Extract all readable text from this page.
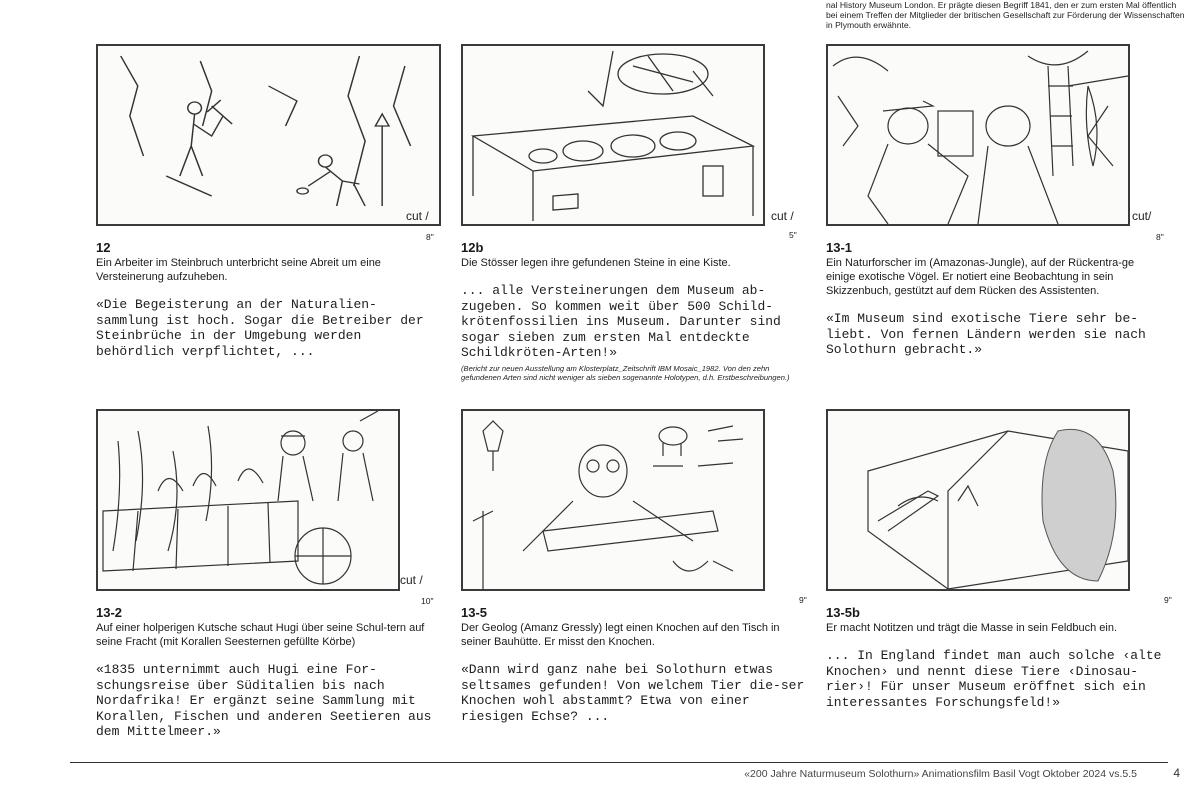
nal History Museum London. Er prägte diesen Begriff 1841, den er zum ersten Mal öffentlich bei einem Treffen der Mitglieder der britischen Gesellschaft zur Förderung der Wissenschaften in Plymouth erwähnte.
cut /
8"
12
Ein Arbeiter im Steinbruch unterbricht seine Abreit um eine Versteinerung aufzuheben.
«Die Begeisterung an der Naturalien-sammlung ist hoch. Sogar die Betreiber der Steinbrüche in der Umgebung werden behördlich verpflichtet, ...
cut /
5"
12b
Die Stösser legen ihre gefundenen Steine in eine Kiste.
... alle Versteinerungen dem Museum ab-zugeben. So kommen weit über 500 Schild-krötenfossilien ins Museum. Darunter sind sogar sieben zum ersten Mal entdeckte Schildkröten-Arten!»
(Bericht zur neuen Ausstellung am Klosterplatz_Zeitschrift IBM Mosaic_1982. Von den zehn gefundenen Arten sind nicht weniger als sieben sogenannte Holotypen, d.h. Erstbeschreibungen.)
cut/
8"
13-1
Ein Naturforscher im (Amazonas-Jungle), auf der Rückentra-ge einige exotische Vögel. Er notiert eine Beobachtung in sein Skizzenbuch, gestützt auf dem Rücken des Assistenten.
«Im Museum sind exotische Tiere sehr be-liebt. Von fernen Ländern werden sie nach Solothurn gebracht.»
cut /
10"
13-2
Auf einer holperigen Kutsche schaut Hugi über seine Schul-tern auf seine Fracht (mit Korallen Seesternen gefüllte Körbe)
«1835 unternimmt auch Hugi eine For-schungsreise über Süditalien bis nach Nordafrika! Er ergänzt seine Sammlung mit Korallen, Fischen und anderen Seetieren aus dem Mittelmeer.»
9"
13-5
Der Geolog (Amanz Gressly) legt einen Knochen auf den Tisch in seiner Bauhütte. Er misst den Knochen.
«Dann wird ganz nahe bei Solothurn etwas seltsames gefunden! Von welchem Tier die-ser Knochen wohl abstammt? Etwa von einer riesigen Echse? ...
9"
13-5b
Er macht Notitzen und trägt die Masse in sein Feldbuch ein.
... In England findet man auch solche ‹alte Knochen› und nennt diese Tiere ‹Dinosau-rier›! Für unser Museum eröffnet sich ein interessantes Forschungsfeld!»
«200 Jahre Naturmuseum Solothurn» Animationsfilm Basil Vogt Oktober 2024 vs.5.5	4
